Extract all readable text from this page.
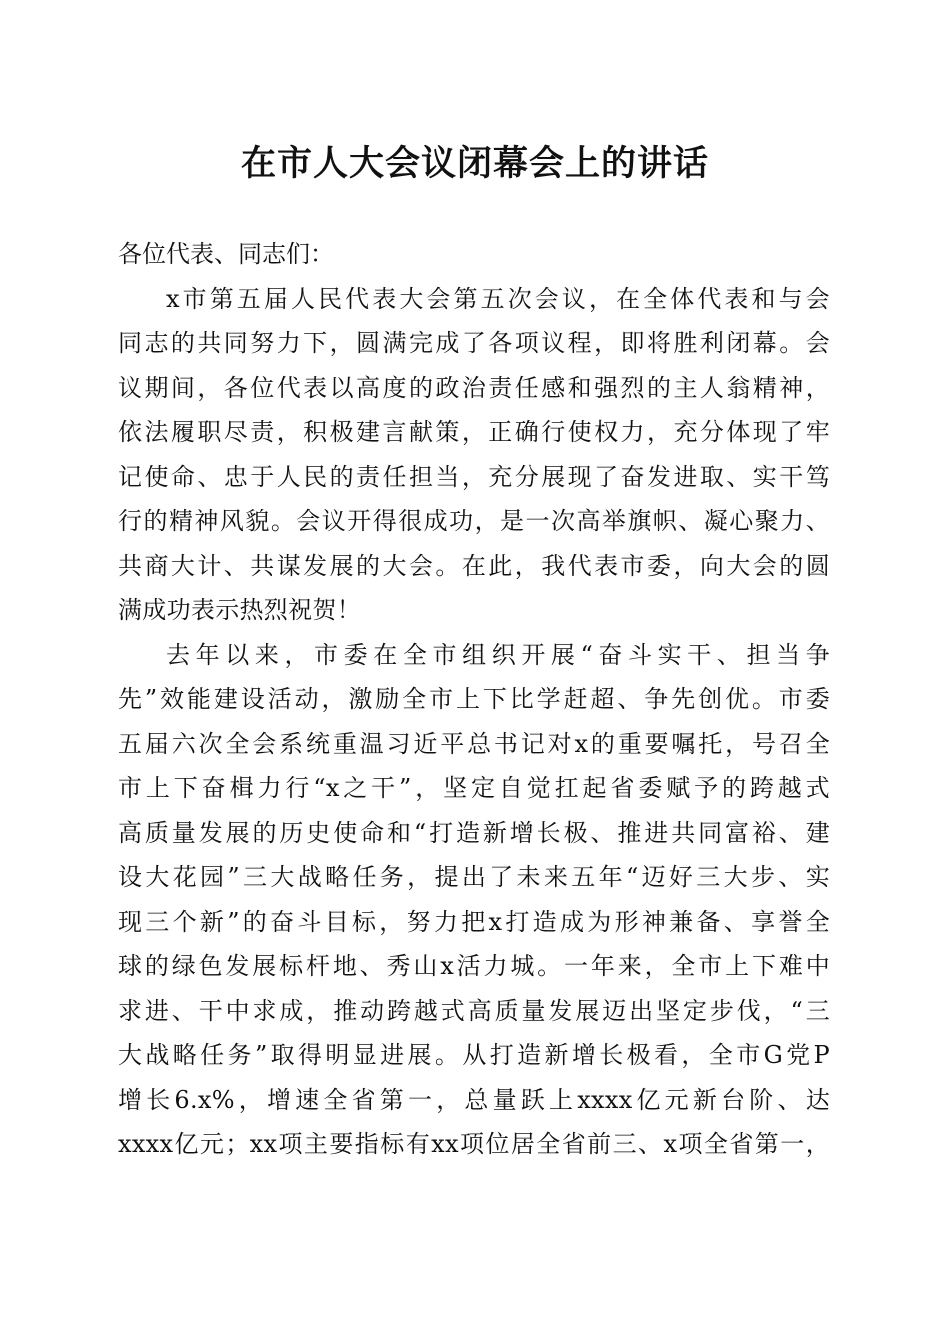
在市人大会议闭幕会上的讲话
各位代表、同志们：
x市第五届人民代表大会第五次会议，在全体代表和与会
同志的共同努力下，圆满完成了各项议程，即将胜利闭幕。会
议期间，各位代表以高度的政治责任感和强烈的主人翁精神，
依法履职尽责，积极建言献策，正确行使权力，充分体现了牢
记使命、忠于人民的责任担当，充分展现了奋发进取、实干笃
行的精神风貌。会议开得很成功，是一次高举旗帜、凝心聚力、
共商大计、共谋发展的大会。在此，我代表市委，向大会的圆
满成功表示热烈祝贺！
去年以来，市委在全市组织开展“奋斗实干、担当争
先”效能建设活动，激励全市上下比学赶超、争先创优。市委
五届六次全会系统重温习近平总书记对x的重要嘱托，号召全
市上下奋楫力行“x之干”，坚定自觉扛起省委赋予的跨越式
高质量发展的历史使命和“打造新增长极、推进共同富裕、建
设大花园”三大战略任务，提出了未来五年“迈好三大步、实
现三个新”的奋斗目标，努力把x打造成为形神兼备、享誉全
球的绿色发展标杆地、秀山x活力城。一年来，全市上下难中
求进、干中求成，推动跨越式高质量发展迈出坚定步伐，“三
大战略任务”取得明显进展。从打造新增长极看，全市G党P
增长6.x%，增速全省第一，总量跃上xxxx亿元新台阶、达
xxxx亿元；xx项主要指标有xx项位居全省前三、x项全省第一，
